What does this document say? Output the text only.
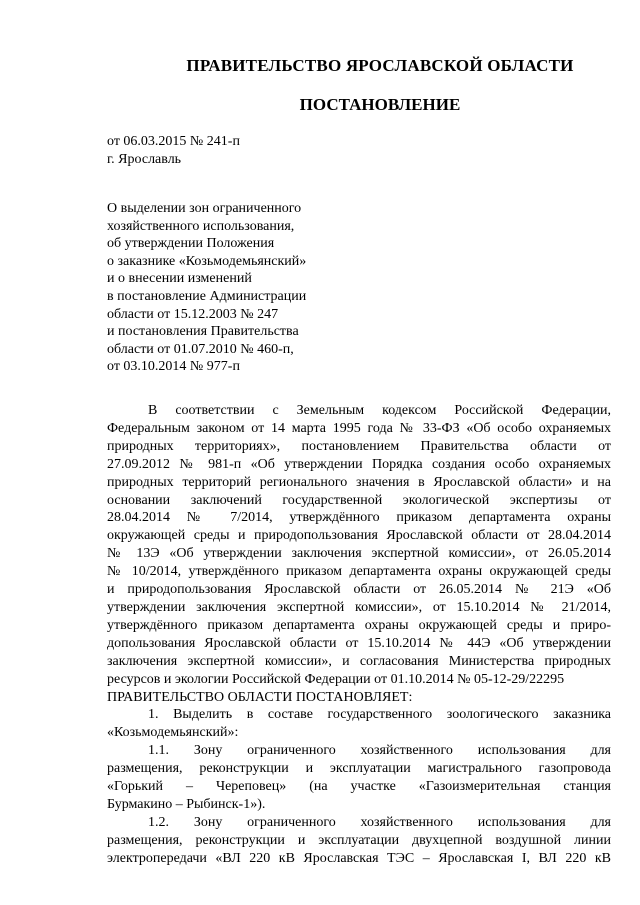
ПРАВИТЕЛЬСТВО ЯРОСЛАВСКОЙ ОБЛАСТИ
ПОСТАНОВЛЕНИЕ
от 06.03.2015 № 241-п
г. Ярославль
О выделении зон ограниченного
хозяйственного использования,
об утверждении Положения
о заказнике «Козьмодемьянский»
и о внесении изменений
в постановление Администрации
области от 15.12.2003 № 247
и постановления Правительства
области от 01.07.2010 № 460-п,
от 03.10.2014 № 977-п
В соответствии с Земельным кодексом Российской Федерации,
Федеральным законом от 14 марта 1995 года № 33-ФЗ «Об особо охраняемых
природных территориях», постановлением Правительства области от
27.09.2012 № 981-п «Об утверждении Порядка создания особо охраняемых
природных территорий регионального значения в Ярославской области» и на
основании заключений государственной экологической экспертизы от
28.04.2014 № 7/2014, утверждённого приказом департамента охраны
окружающей среды и природопользования Ярославской области от 28.04.2014
№ 13Э «Об утверждении заключения экспертной комиссии», от 26.05.2014
№ 10/2014, утверждённого приказом департамента охраны окружающей среды
и природопользования Ярославской области от 26.05.2014 № 21Э «Об
утверждении заключения экспертной комиссии», от 15.10.2014 № 21/2014,
утверждённого приказом департамента охраны окружающей среды и приро-
допользования Ярославской области от 15.10.2014 № 44Э «Об утверждении
заключения экспертной комиссии», и согласования Министерства природных
ресурсов и экологии Российской Федерации от 01.10.2014 № 05-12-29/22295
ПРАВИТЕЛЬСТВО ОБЛАСТИ ПОСТАНОВЛЯЕТ:
1. Выделить в составе государственного зоологического заказника
«Козьмодемьянский»:
1.1. Зону ограниченного хозяйственного использования для
размещения, реконструкции и эксплуатации магистрального газопровода
«Горький – Череповец» (на участке «Газоизмерительная станция
Бурмакино – Рыбинск-1»).
1.2. Зону ограниченного хозяйственного использования для
размещения, реконструкции и эксплуатации двухцепной воздушной линии
электропередачи «ВЛ 220 кВ Ярославская ТЭС – Ярославская I, ВЛ 220 кВ
